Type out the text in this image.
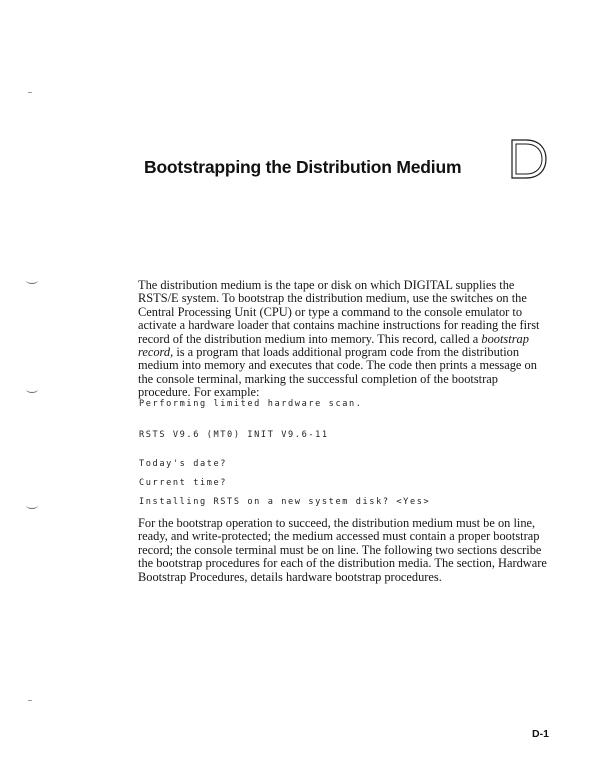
Bootstrapping the Distribution Medium

The distribution medium is the tape or disk on which DIGITAL supplies the RSTS/E system. To bootstrap the distribution medium, use the switches on the Central Processing Unit (CPU) or type a command to the console emulator to activate a hardware loader that contains machine instructions for reading the first record of the distribution medium into memory. This record, called a bootstrap record, is a program that loads additional program code from the distribution medium into memory and executes that code. The code then prints a message on the console terminal, marking the successful completion of the bootstrap procedure. For example:

Performing limited hardware scan.
RSTS V9.6 (MT0) INIT V9.6-11
Today's date?
Current time?
Installing RSTS on a new system disk? <Yes>

For the bootstrap operation to succeed, the distribution medium must be on line, ready, and write-protected; the medium accessed must contain a proper bootstrap record; the console terminal must be on line. The following two sections describe the bootstrap procedures for each of the distribution media. The section, Hardware Bootstrap Procedures, details hardware bootstrap procedures.

D-1
